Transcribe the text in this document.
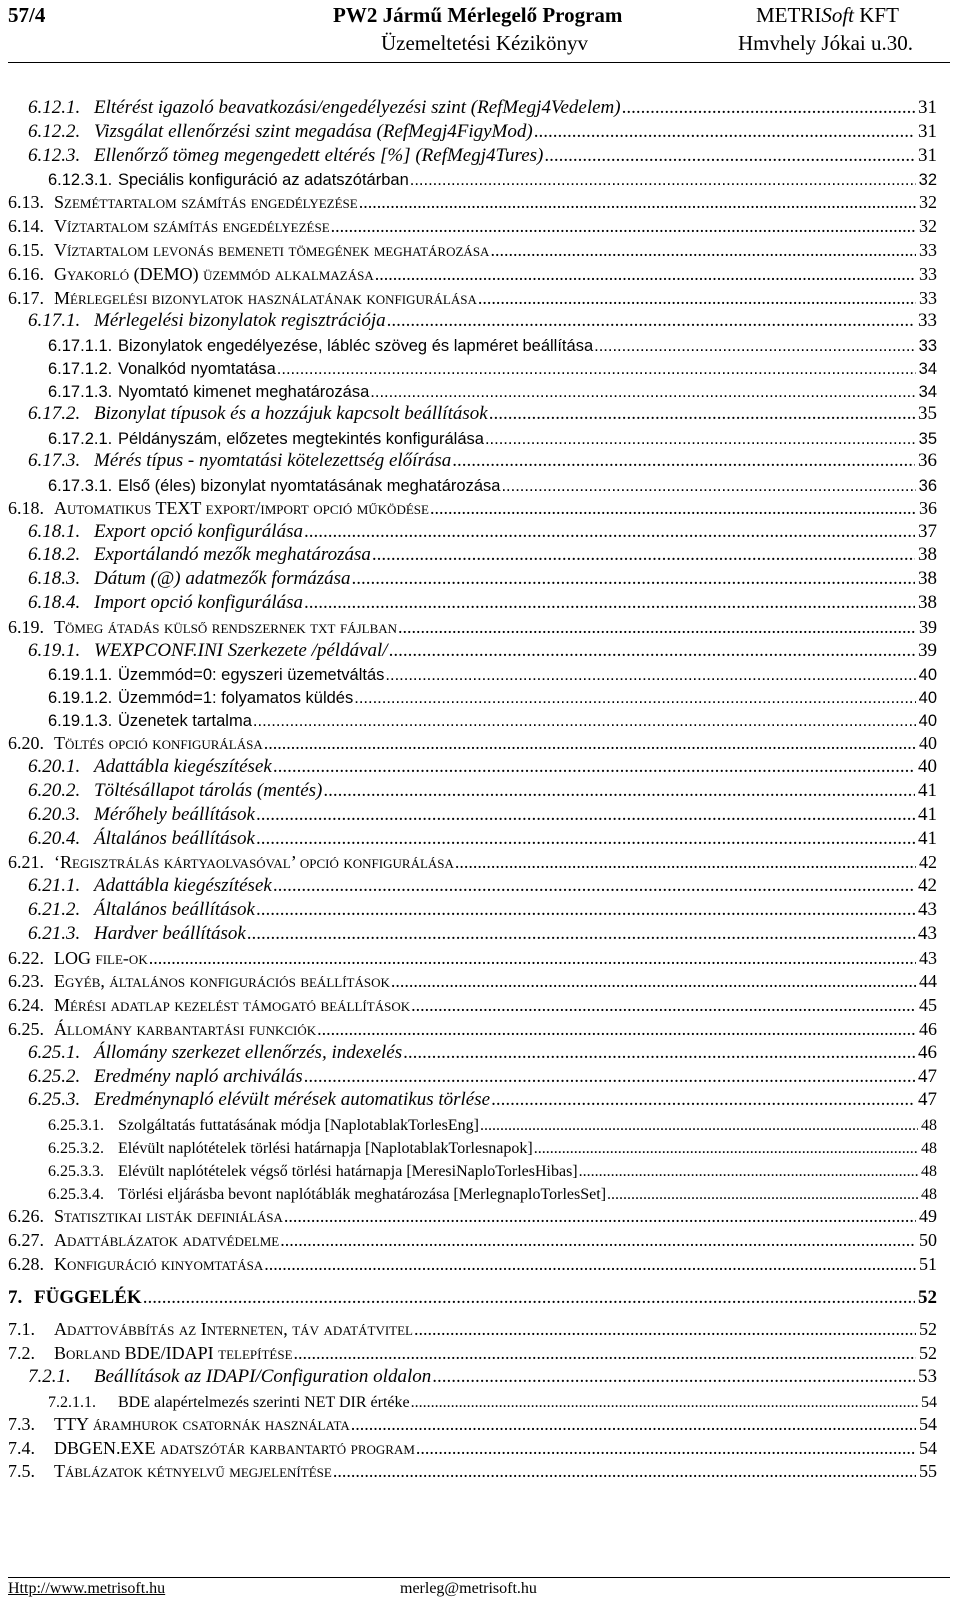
57/4	PW2 Jármű Mérlegelő Program
Üzemeltetési Kézikönyv
METRISoft KFT
Hmvhely Jókai u.30.
6.12.1. Eltérést igazoló beavatkozási/engedélyezési szint (RefMegj4Vedelem) .....	31
6.12.2. Vizsgálat ellenőrzési szint megadása (RefMegj4FigyMod) .....	31
6.12.3. Ellenőrző tömeg megengedett eltérés [%] (RefMegj4Tures) .....	31
6.12.3.1. Speciális konfiguráció az adatszótárban .....	32
6.13. Szeméttartalom számítás engedélyezése .....	32
6.14. Víztartalom számítás engedélyezése .....	32
6.15. Víztartalom levonás bemeneti tömegének meghatározása .....	33
6.16. Gyakorló (DEMO) üzemmód alkalmazása .....	33
6.17. Mérlegelési bizonylatok használatának konfigurálása .....	33
6.17.1. Mérlegelési bizonylatok regisztrációja .....	33
6.17.1.1. Bizonylatok engedélyezése, lábléc szöveg és lapméret beállítása .....	33
6.17.1.2. Vonalkód nyomtatása .....	34
6.17.1.3. Nyomtató kimenet meghatározása .....	34
6.17.2. Bizonylat típusok és a hozzájuk kapcsolt beállítások .....	35
6.17.2.1. Példányszám, előzetes megtekintés konfigurálása .....	35
6.17.3. Mérés típus - nyomtatási kötelezettség előírása .....	36
6.17.3.1. Első (éles) bizonylat nyomtatásának meghatározása .....	36
6.18. Automatikus TEXT export/import opció működése .....	36
6.18.1. Export opció konfigurálása .....	37
6.18.2. Exportálandó mezők meghatározása .....	38
6.18.3. Dátum (@) adatmezők formázása .....	38
6.18.4. Import opció konfigurálása .....	38
6.19. Tömeg átadás külső rendszernek txt fájlban .....	39
6.19.1. WEXPCONF.INI Szerkezete /példával/ .....	39
6.19.1.1. Üzemmód=0: egyszeri üzemetváltás .....	40
6.19.1.2. Üzemmód=1: folyamatos küldés .....	40
6.19.1.3. Üzenetek tartalma .....	40
6.20. Töltés opció konfigurálása .....	40
6.20.1. Adattábla kiegészítések .....	40
6.20.2. Töltésállapot tárolás (mentés) .....	41
6.20.3. Mérőhely beállítások .....	41
6.20.4. Általános beállítások .....	41
6.21. ‘Regisztrálás kártyaolvasóval’ opció konfigurálása .....	42
6.21.1. Adattábla kiegészítések .....	42
6.21.2. Általános beállítások .....	43
6.21.3. Hardver beállítások .....	43
6.22. LOG file-ok .....	43
6.23. Egyéb, általános konfigurációs beállítások .....	44
6.24. Mérési adatlap kezelést támogató beállítások .....	45
6.25. Állomány karbantartási funkciók .....	46
6.25.1. Állomány szerkezet ellenőrzés, indexelés .....	46
6.25.2. Eredmény napló archiválás .....	47
6.25.3. Eredménynapló elévült mérések automatikus törlése .....	47
6.25.3.1. Szolgáltatás futtatásának módja [NaplotablakTorlesEng] .....	48
6.25.3.2. Elévült naplótételek törlési határnapja [NaplotablakTorlesnapok] .....	48
6.25.3.3. Elévült naplótételek végső törlési határnapja [MeresiNaploTorlesHibas] .....	48
6.25.3.4. Törlési eljárásba bevont naplótáblák meghatározása [MerlegnaploTorlesSet] .....	48
6.26. Statisztikai listák definiálása .....	49
6.27. Adattáblázatok adatvédelme .....	50
6.28. Konfiguráció kinyomtatása .....	51
7. FÜGGELÉK .....	52
7.1.	Adattovábbítás az Interneten, táv adatátvitel .....	52
7.2.	Borland BDE/IDAPI telepítése .....	52
7.2.1.	Beállítások az IDAPI/Configuration oldalon .....	53
7.2.1.1.	BDE alapértelmezés szerinti NET DIR értéke .....	54
7.3.	TTY áramhurok csatornák használata .....	54
7.4.	DBGEN.EXE adatszótár karbantartó program .....	54
7.5.	Táblázatok kétnyelvű megjelenítése .....	55
Http://www.metrisoft.hu	merleg@metrisoft.hu
